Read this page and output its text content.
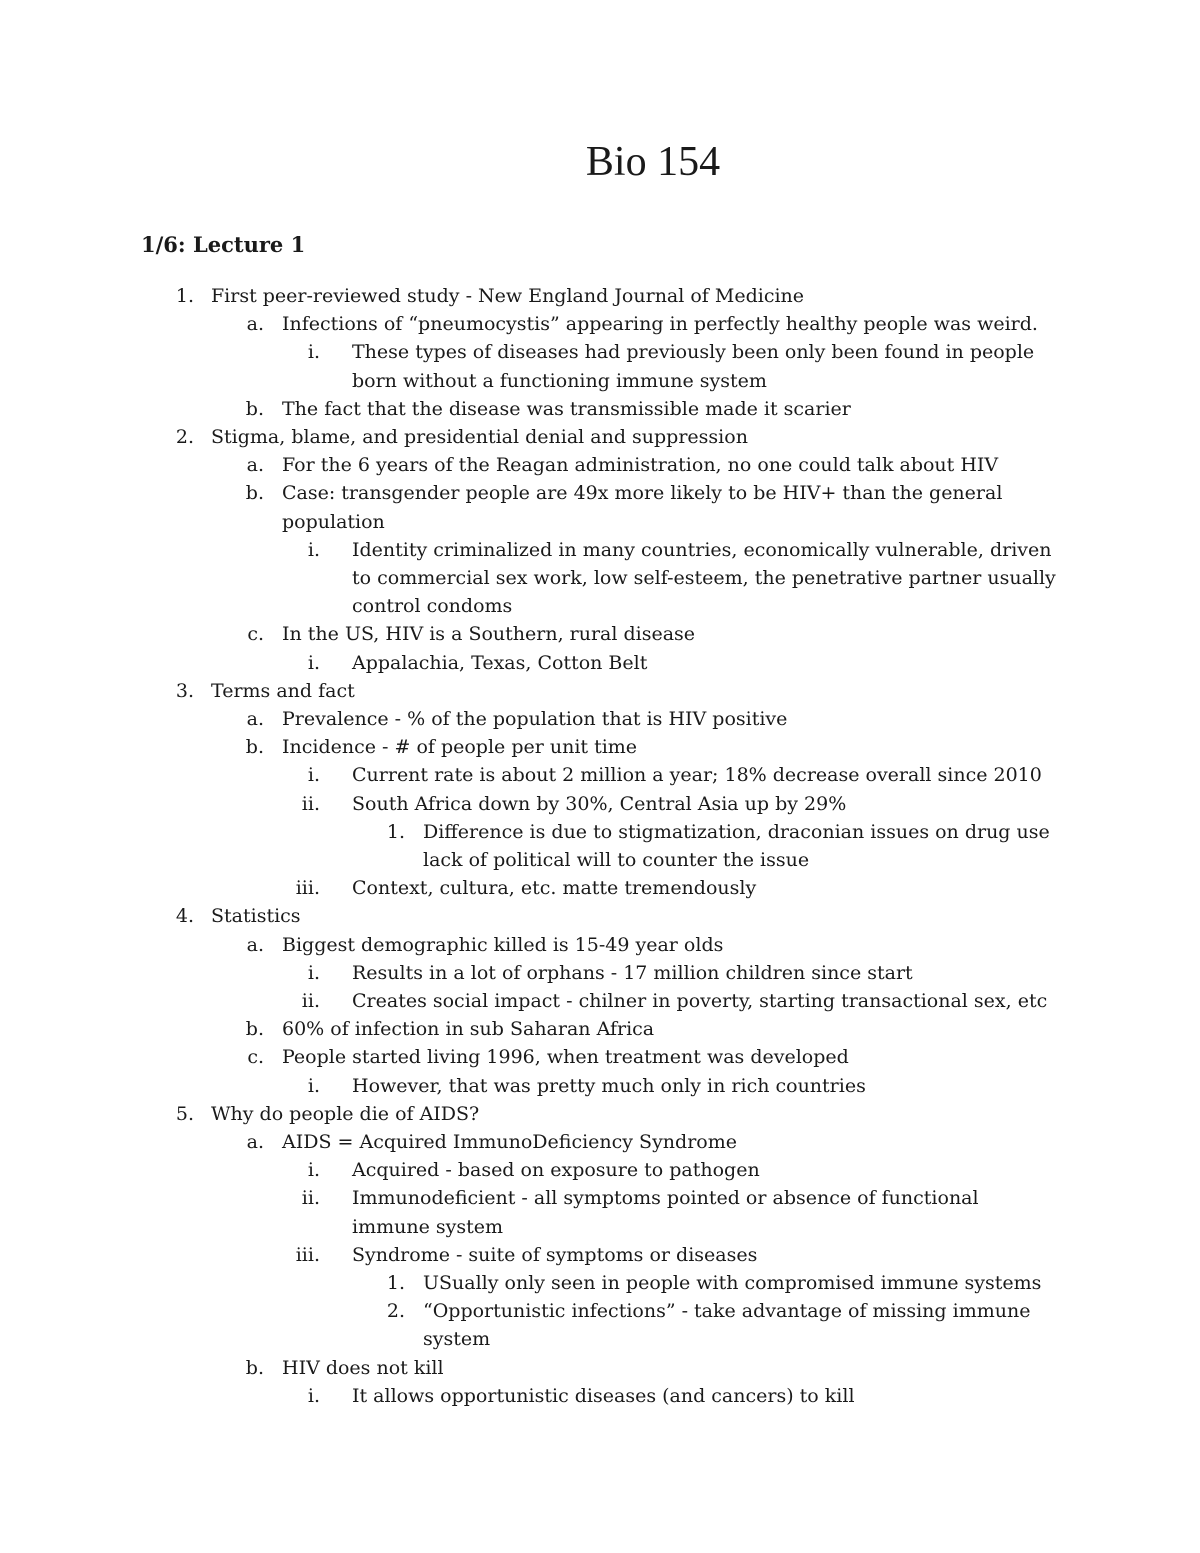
Bio 154
1/6: Lecture 1
1. First peer-reviewed study - New England Journal of Medicine
a. Infections of “pneumocystis” appearing in perfectly healthy people was weird.
i. These types of diseases had previously been only been found in people born without a functioning immune system
b. The fact that the disease was transmissible made it scarier
2. Stigma, blame, and presidential denial and suppression
a. For the 6 years of the Reagan administration, no one could talk about HIV
b. Case: transgender people are 49x more likely to be HIV+ than the general population
i. Identity criminalized in many countries, economically vulnerable, driven to commercial sex work, low self-esteem, the penetrative partner usually control condoms
c. In the US, HIV is a Southern, rural disease
i. Appalachia, Texas, Cotton Belt
3. Terms and fact
a. Prevalence - % of the population that is HIV positive
b. Incidence - # of people per unit time
i. Current rate is about 2 million a year; 18% decrease overall since 2010
ii. South Africa down by 30%, Central Asia up by 29%
1. Difference is due to stigmatization, draconian issues on drug use lack of political will to counter the issue
iii. Context, cultura, etc. matte tremendously
4. Statistics
a. Biggest demographic killed is 15-49 year olds
i. Results in a lot of orphans - 17 million children since start
ii. Creates social impact - chilner in poverty, starting transactional sex, etc
b. 60% of infection in sub Saharan Africa
c. People started living 1996, when treatment was developed
i. However, that was pretty much only in rich countries
5. Why do people die of AIDS?
a. AIDS = Acquired ImmunoDeficiency Syndrome
i. Acquired - based on exposure to pathogen
ii. Immunodeficient - all symptoms pointed or absence of functional immune system
iii. Syndrome - suite of symptoms or diseases
1. USually only seen in people with compromised immune systems
2. “Opportunistic infections” - take advantage of missing immune system
b. HIV does not kill
i. It allows opportunistic diseases (and cancers) to kill
